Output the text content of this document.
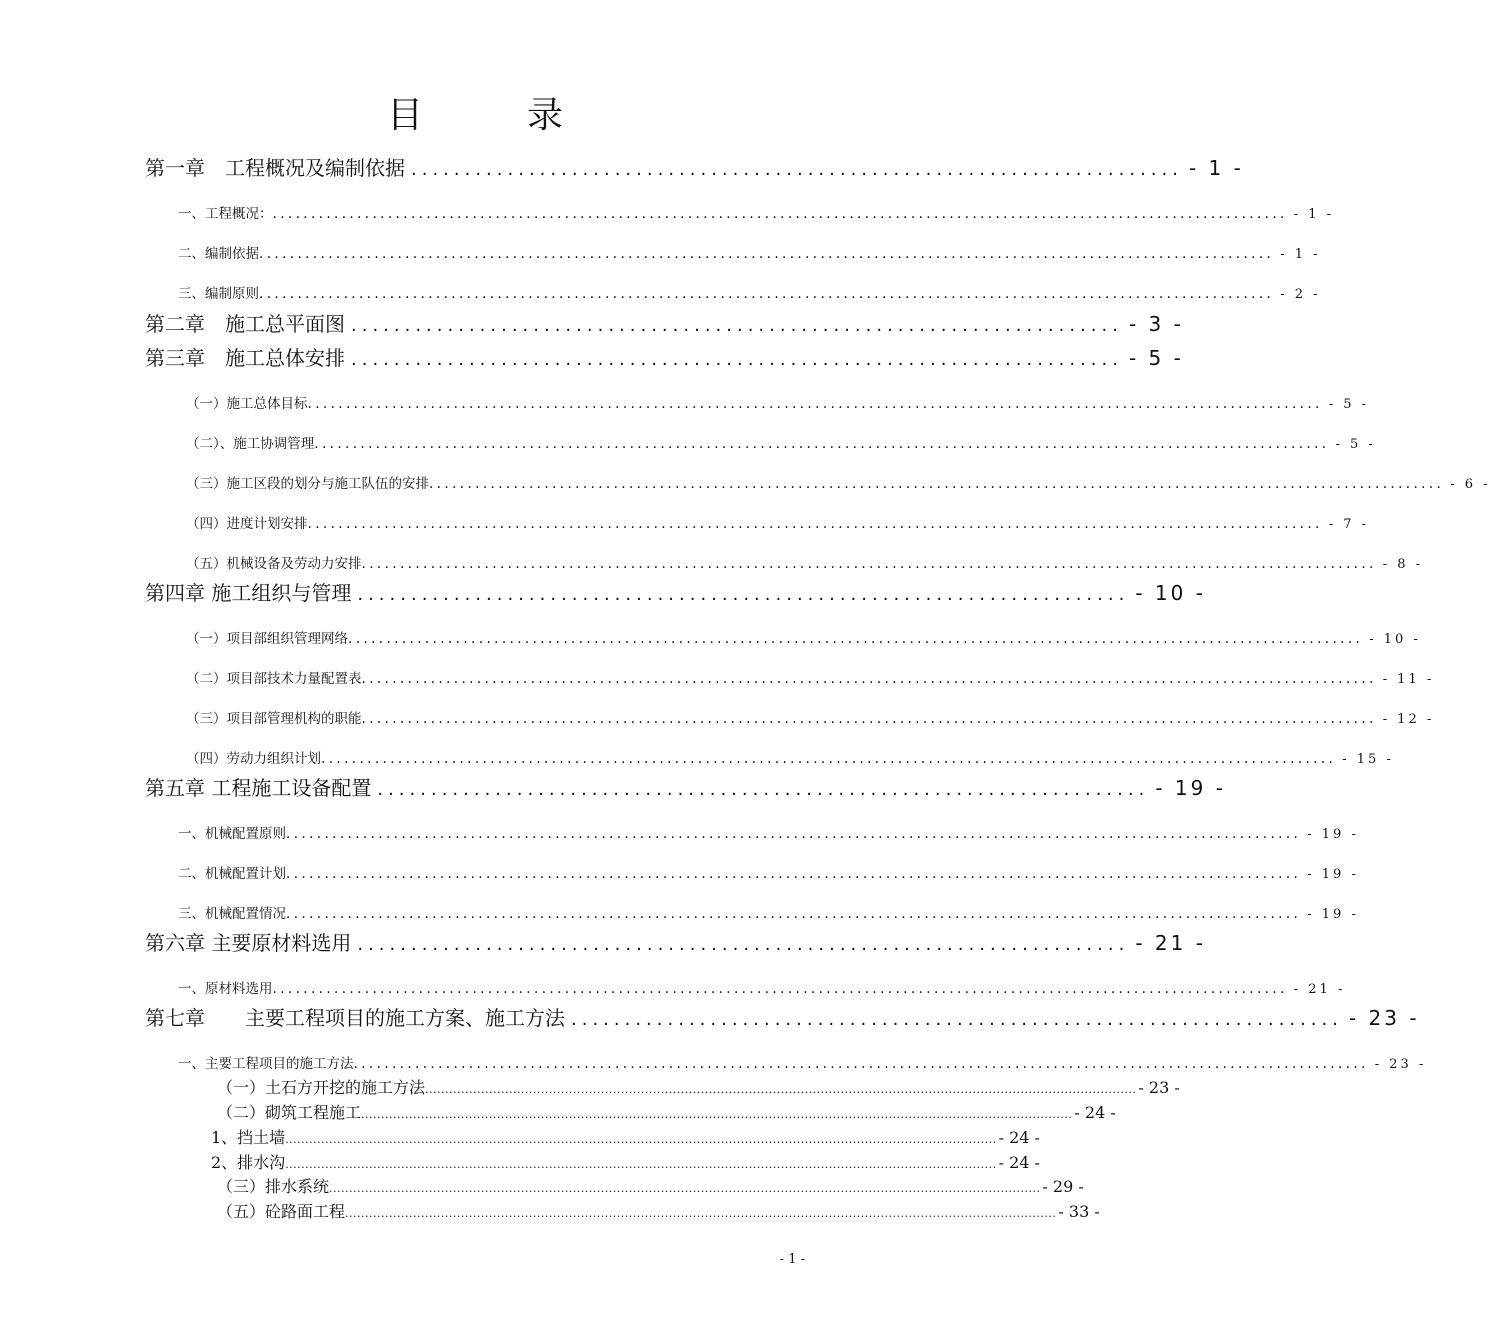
目　录
第一章　工程概况及编制依据 ........................................................................ - 1 -
一、工程概况： .................................................................................................................................... - 1 -
二、编制依据 .................................................................................................................................... - 1 -
三、编制原则 .................................................................................................................................... - 2 -
第二章　施工总平面图 ........................................................................ - 3 -
第三章　施工总体安排 ........................................................................ - 5 -
（一）施工总体目标 .................................................................................................................................... - 5 -
（二）、施工协调管理 .................................................................................................................................... - 5 -
（三）施工区段的划分与施工队伍的安排 .................................................................................................................................... - 6 -
（四）进度计划安排 .................................................................................................................................... - 7 -
（五）机械设备及劳动力安排 .................................................................................................................................... - 8 -
第四章 施工组织与管理 ........................................................................ - 10 -
（一）项目部组织管理网络 .................................................................................................................................... - 10 -
（二）项目部技术力量配置表 .................................................................................................................................... - 11 -
（三）项目部管理机构的职能 .................................................................................................................................... - 12 -
（四）劳动力组织计划 .................................................................................................................................... - 15 -
第五章 工程施工设备配置 ........................................................................ - 19 -
一、机械配置原则 .................................................................................................................................... - 19 -
二、机械配置计划 .................................................................................................................................... - 19 -
三、机械配置情况 .................................................................................................................................... - 19 -
第六章 主要原材料选用 ........................................................................ - 21 -
一、原材料选用 .................................................................................................................................... - 21 -
第七章　　主要工程项目的施工方案、施工方法 ........................................................................ - 23 -
一、主要工程项目的施工方法 .................................................................................................................................... - 23 -
（一）土石方开挖的施工方法 .................................................................................................................................................................................. - 23 -
（二）砌筑工程施工 .................................................................................................................................................................................. - 24 -
1、挡土墙 .................................................................................................................................................................................. - 24 -
2、排水沟 .................................................................................................................................................................................. - 24 -
（三）排水系统 .................................................................................................................................................................................. - 29 -
（五）砼路面工程 .................................................................................................................................................................................. - 33 -
- 1 -
